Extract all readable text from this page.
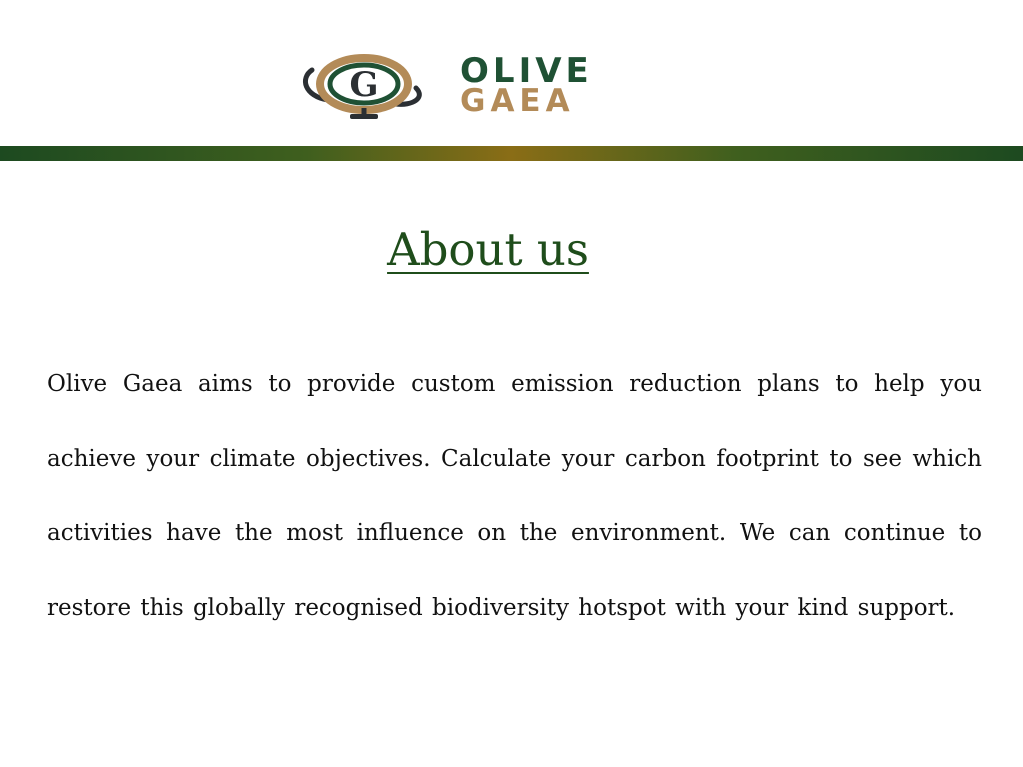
G OLIVE
GAEA
About us

Olive Gaea aims to provide custom emission reduction plans to help you achieve your climate objectives. Calculate your carbon footprint to see which activities have the most influence on the environment. We can continue to restore this globally recognised biodiversity hotspot with your kind support.
